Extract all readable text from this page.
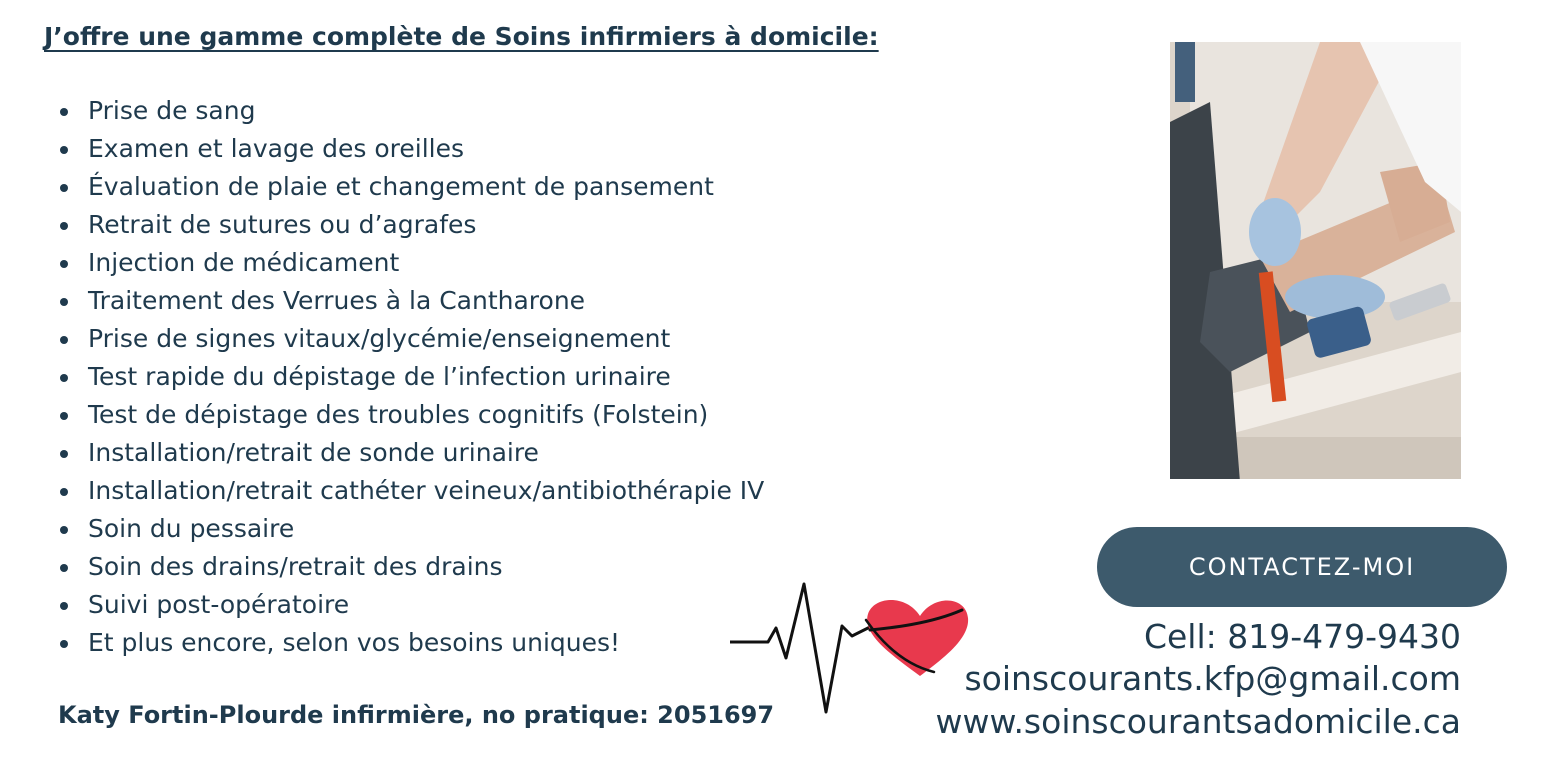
J’offre une gamme complète de Soins infirmiers à domicile:
Prise de sang
Examen et lavage des oreilles
Évaluation de plaie et changement de pansement
Retrait de sutures ou d’agrafes
Injection de médicament
Traitement des Verrues à la Cantharone
Prise de signes vitaux/glycémie/enseignement
Test rapide du dépistage de l’infection urinaire
Test de dépistage des troubles cognitifs (Folstein)
Installation/retrait de sonde urinaire
Installation/retrait cathéter veineux/antibiothérapie IV
Soin du pessaire
Soin des drains/retrait des drains
Suivi post-opératoire
Et plus encore, selon vos besoins uniques!
Katy Fortin-Plourde infirmière, no pratique: 2051697
CONTACTEZ-MOI
Cell: 819-479-9430
soinscourants.kfp@gmail.com
www.soinscourantsadomicile.ca
